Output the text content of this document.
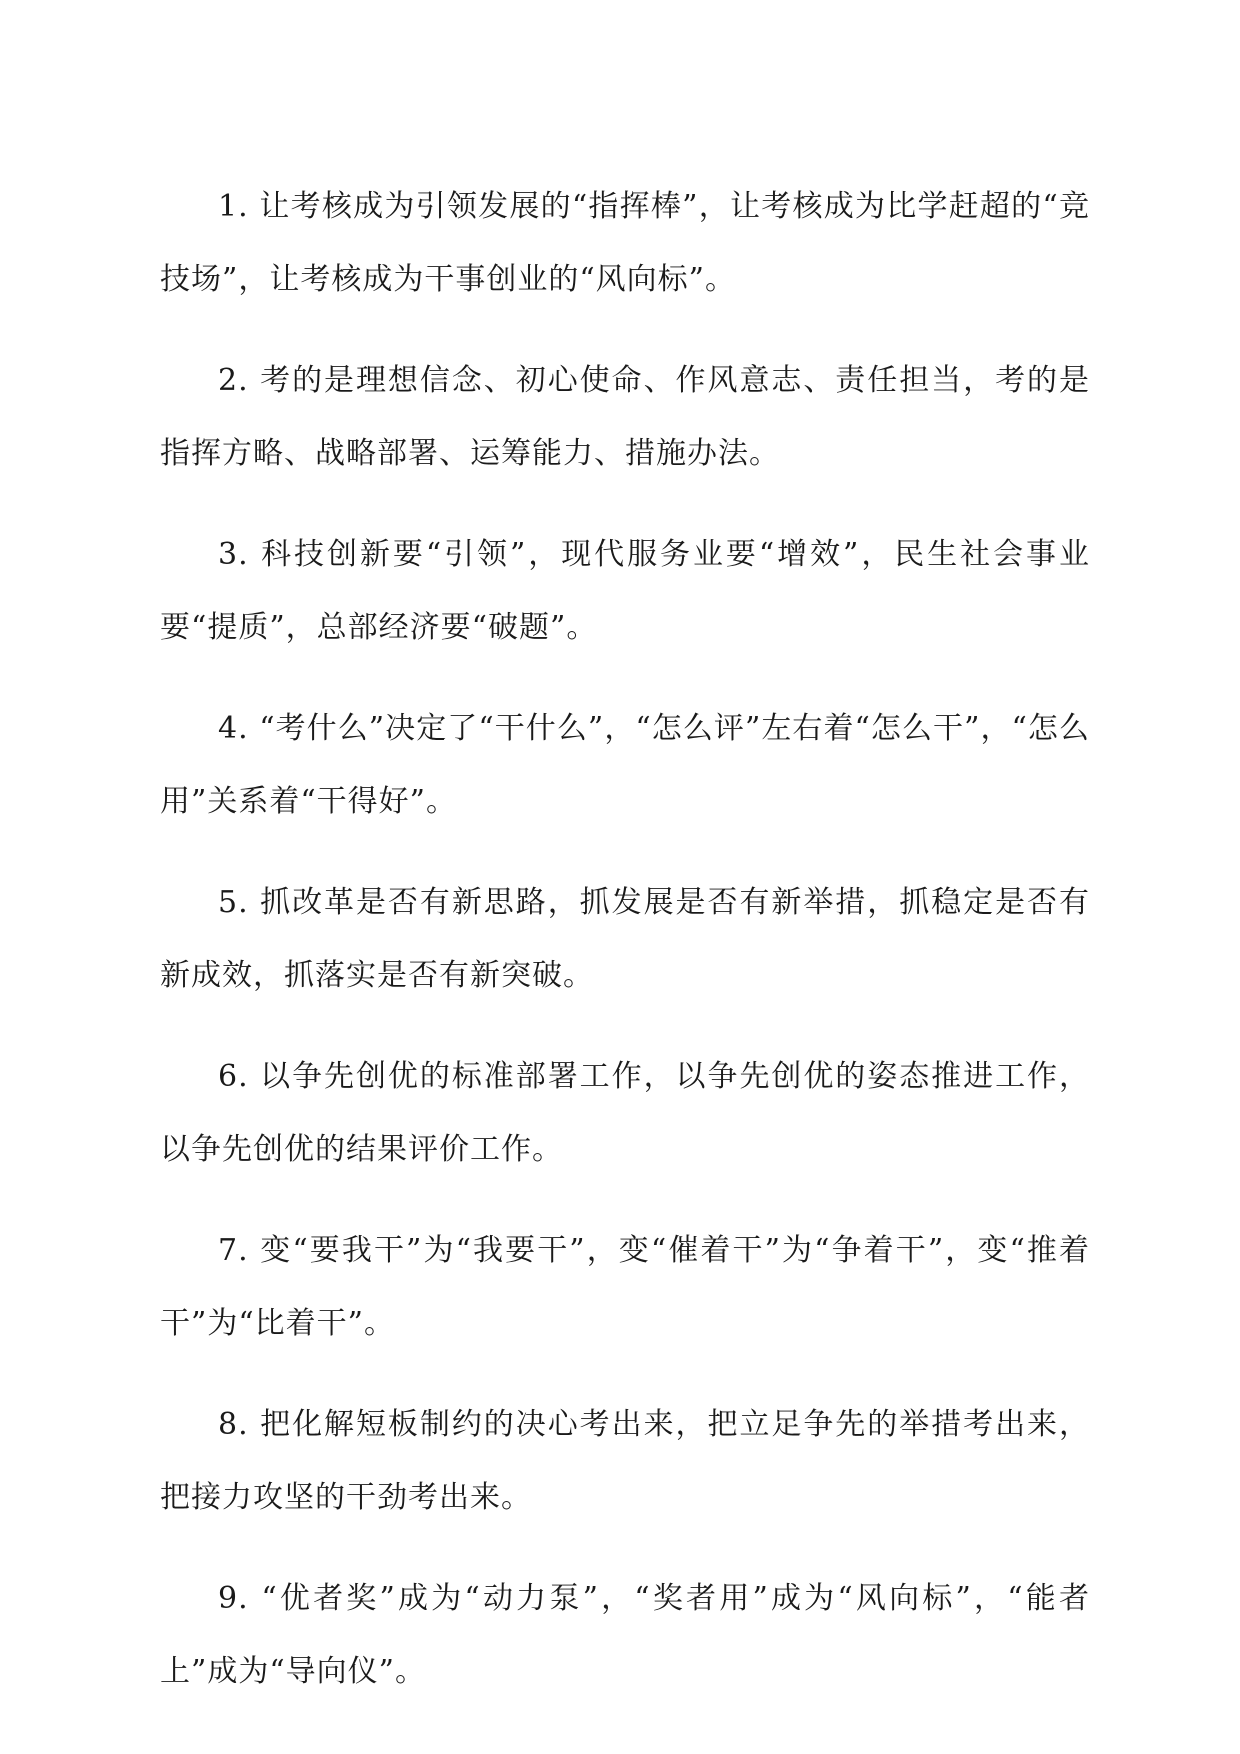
1. 让考核成为引领发展的“指挥棒”，让考核成为比学赶超的“竞技场”，让考核成为干事创业的“风向标”。

2. 考的是理想信念、初心使命、作风意志、责任担当，考的是指挥方略、战略部署、运筹能力、措施办法。

3. 科技创新要“引领”，现代服务业要“增效”，民生社会事业要“提质”，总部经济要“破题”。

4. “考什么”决定了“干什么”，“怎么评”左右着“怎么干”，“怎么用”关系着“干得好”。

5. 抓改革是否有新思路，抓发展是否有新举措，抓稳定是否有新成效，抓落实是否有新突破。

6. 以争先创优的标准部署工作，以争先创优的姿态推进工作，以争先创优的结果评价工作。

7. 变“要我干”为“我要干”，变“催着干”为“争着干”，变“推着干”为“比着干”。

8. 把化解短板制约的决心考出来，把立足争先的举措考出来，把接力攻坚的干劲考出来。

9. “优者奖”成为“动力泵”，“奖者用”成为“风向标”，“能者上”成为“导向仪”。
